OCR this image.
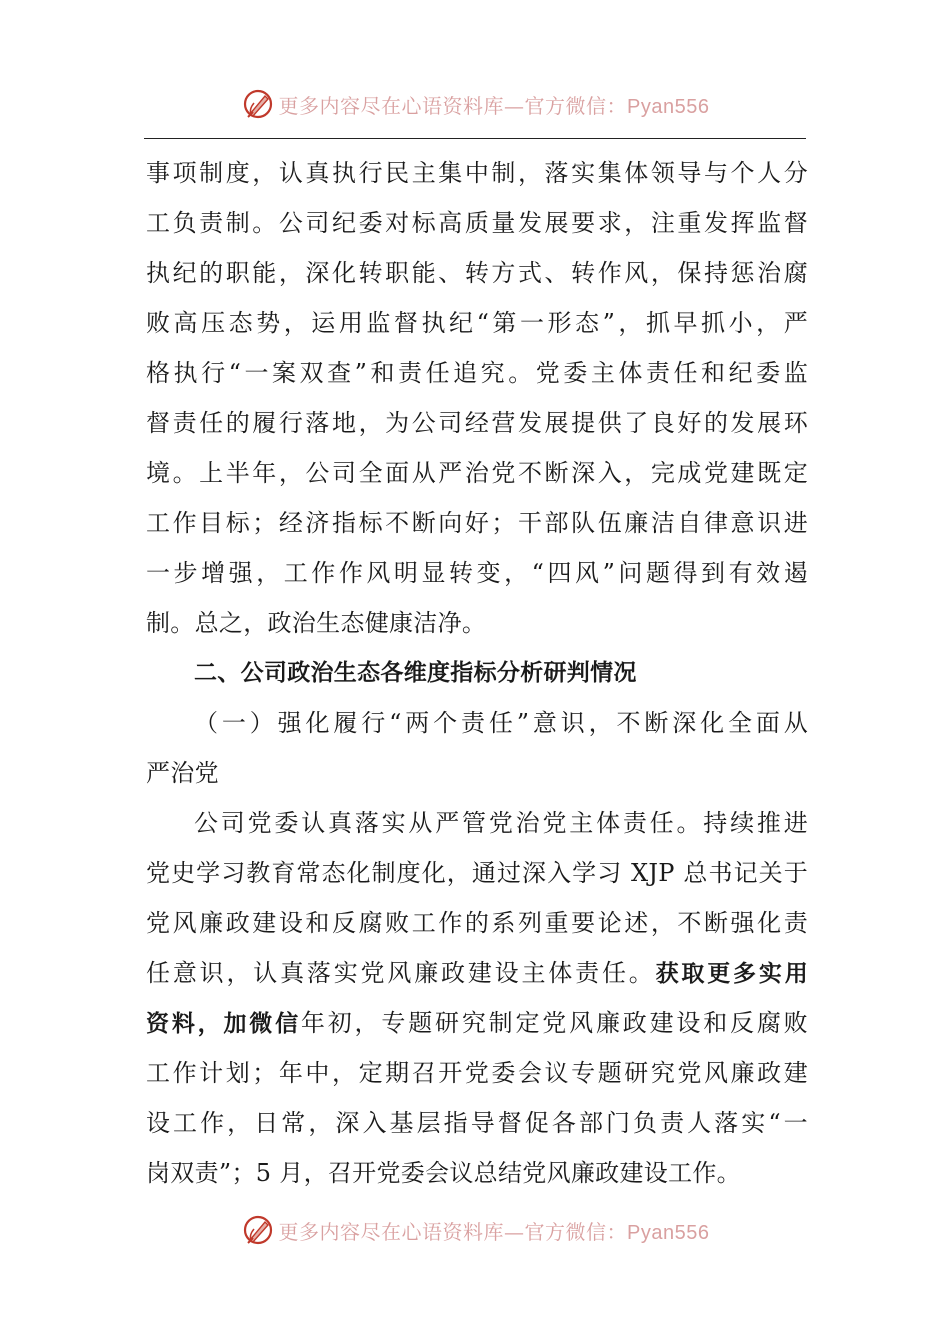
更多内容尽在心语资料库—官方微信：Pyan556
事项制度，认真执行民主集中制，落实集体领导与个人分
工负责制。公司纪委对标高质量发展要求，注重发挥监督
执纪的职能，深化转职能、转方式、转作风，保持惩治腐
败高压态势，运用监督执纪“第一形态”，抓早抓小，严
格执行“一案双查”和责任追究。党委主体责任和纪委监
督责任的履行落地，为公司经营发展提供了良好的发展环
境。上半年，公司全面从严治党不断深入，完成党建既定
工作目标；经济指标不断向好；干部队伍廉洁自律意识进
一步增强，工作作风明显转变，“四风”问题得到有效遏
制。总之，政治生态健康洁净。
二、公司政治生态各维度指标分析研判情况
（一）强化履行“两个责任”意识，不断深化全面从
严治党
公司党委认真落实从严管党治党主体责任。持续推进
党史学习教育常态化制度化，通过深入学习 XJP 总书记关于
党风廉政建设和反腐败工作的系列重要论述，不断强化责
任意识，认真落实党风廉政建设主体责任。获取更多实用
资料，加微信年初，专题研究制定党风廉政建设和反腐败
工作计划；年中，定期召开党委会议专题研究党风廉政建
设工作，日常，深入基层指导督促各部门负责人落实“一
岗双责”；5 月，召开党委会议总结党风廉政建设工作。
更多内容尽在心语资料库—官方微信：Pyan556
